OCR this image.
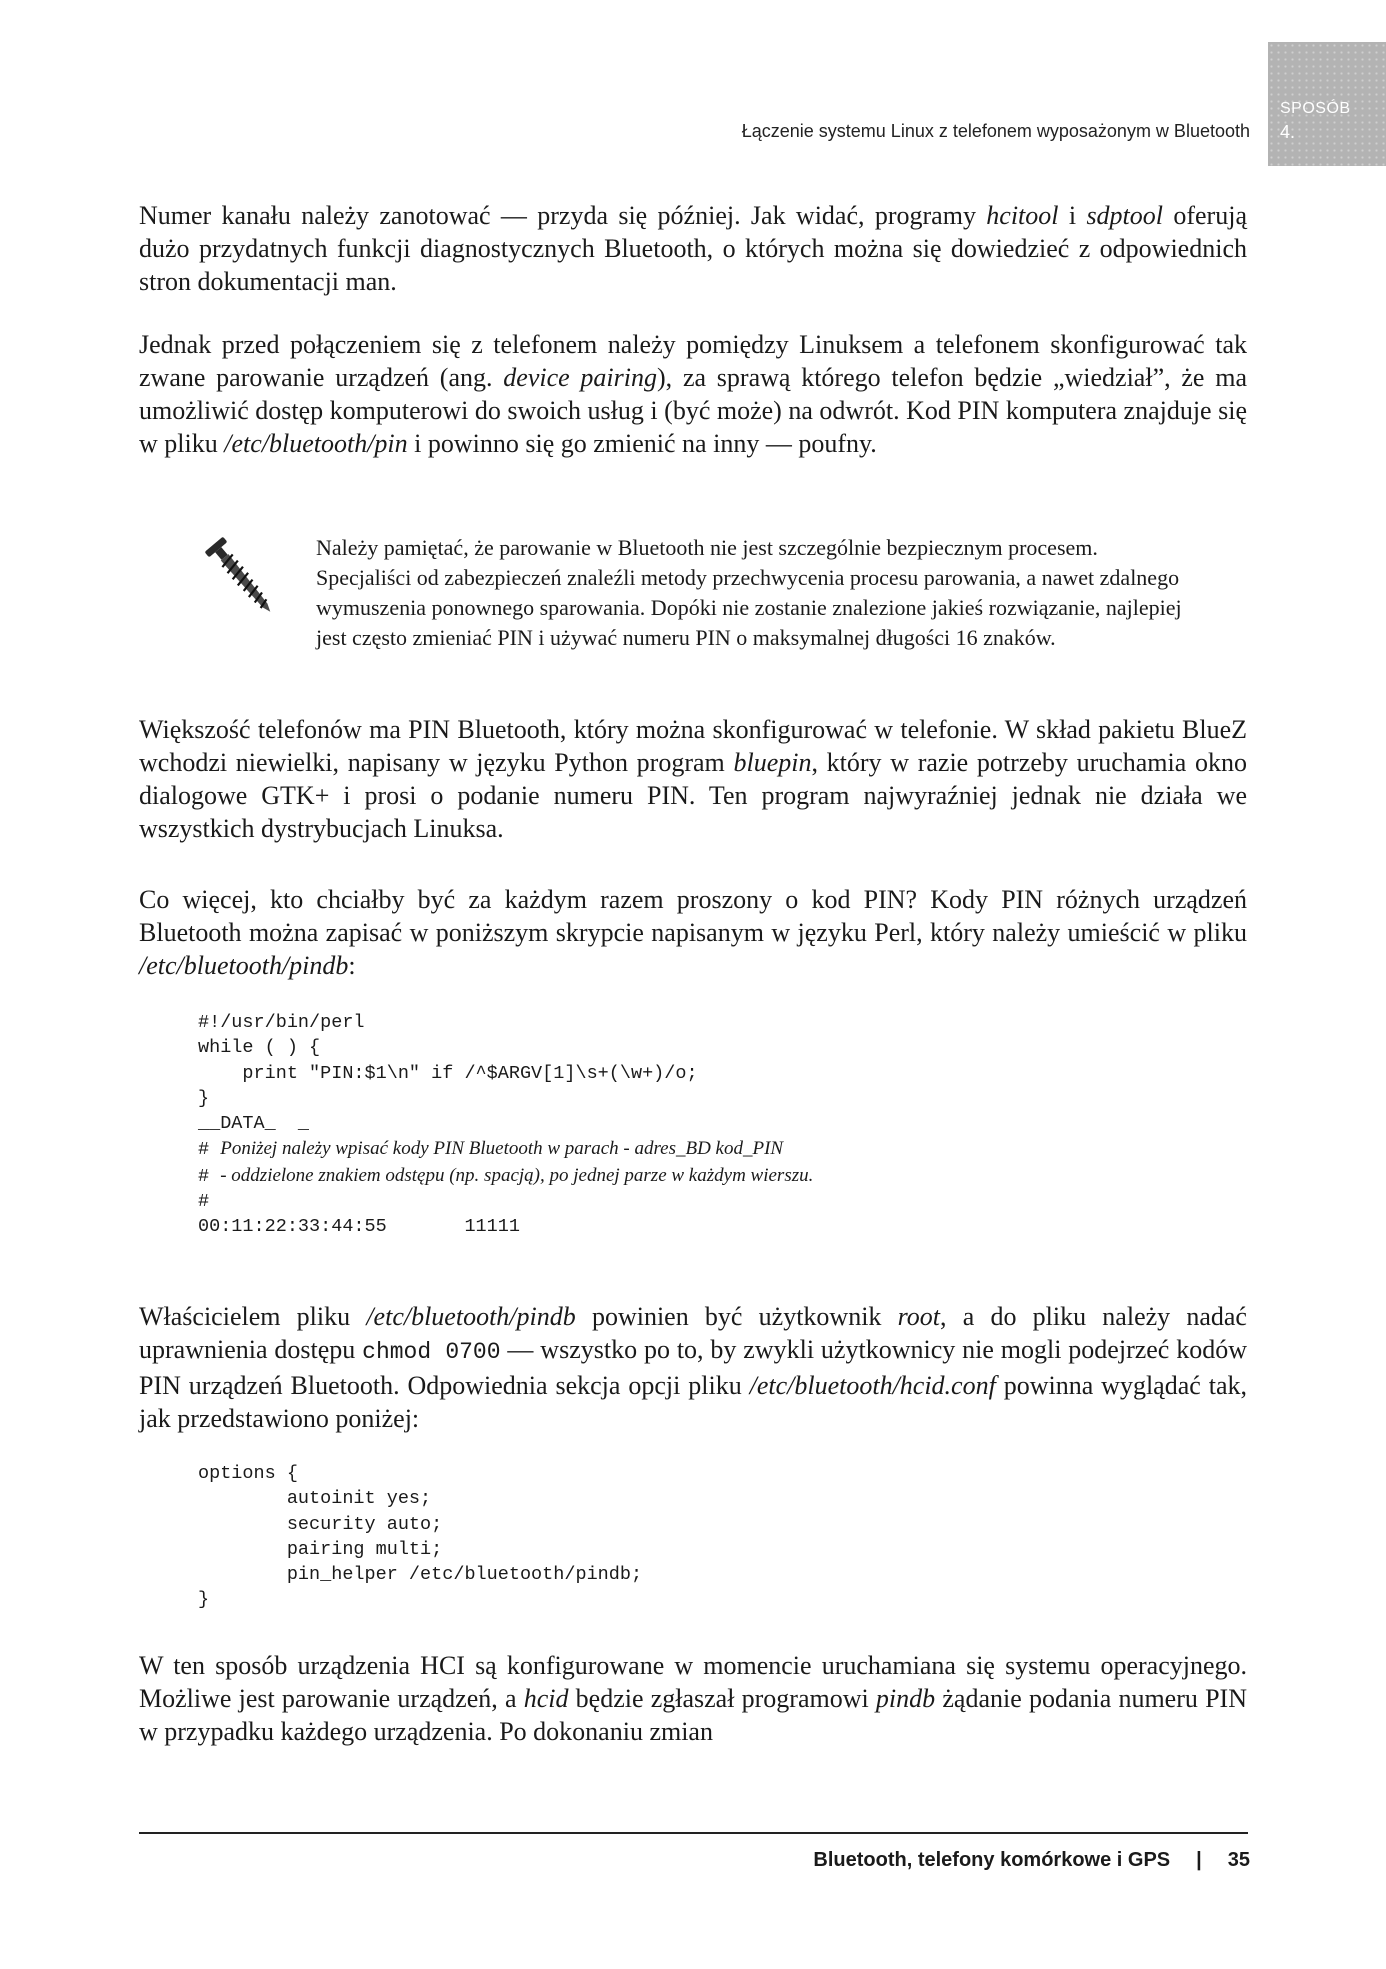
SPOSÓB
4.
Łączenie systemu Linux z telefonem wyposażonym w Bluetooth

Numer kanału należy zanotować — przyda się później. Jak widać, programy hcitool i sdptool oferują dużo przydatnych funkcji diagnostycznych Bluetooth, o których można się dowiedzieć z odpowiednich stron dokumentacji man.

Jednak przed połączeniem się z telefonem należy pomiędzy Linuksem a telefonem skonfigurować tak zwane parowanie urządzeń (ang. device pairing), za sprawą którego telefon będzie „wiedział”, że ma umożliwić dostęp komputerowi do swoich usług i (być może) na odwrót. Kod PIN komputera znajduje się w pliku /etc/bluetooth/pin i powinno się go zmienić na inny — poufny.

Należy pamiętać, że parowanie w Bluetooth nie jest szczególnie bezpiecznym procesem. Specjaliści od zabezpieczeń znaleźli metody przechwycenia procesu parowania, a nawet zdalnego wymuszenia ponownego sparowania. Dopóki nie zostanie znalezione jakieś rozwiązanie, najlepiej jest często zmieniać PIN i używać numeru PIN o maksymalnej długości 16 znaków.

Większość telefonów ma PIN Bluetooth, który można skonfigurować w telefonie. W skład pakietu BlueZ wchodzi niewielki, napisany w języku Python program bluepin, który w razie potrzeby uruchamia okno dialogowe GTK+ i prosi o podanie numeru PIN. Ten program najwyraźniej jednak nie działa we wszystkich dystrybucjach Linuksa.

Co więcej, kto chciałby być za każdym razem proszony o kod PIN? Kody PIN różnych urządzeń Bluetooth można zapisać w poniższym skrypcie napisanym w języku Perl, który należy umieścić w pliku /etc/bluetooth/pindb:

#!/usr/bin/perl
while ( ) {
print "PIN:$1\n" if /^$ARGV[1]\s+(\w+)/o;
}
__DATA_  _
# Poniżej należy wpisać kody PIN Bluetooth w parach - adres_BD kod_PIN
# - oddzielone znakiem odstępu (np. spacją), po jednej parze w każdym wierszu.
#
00:11:22:33:44:55       11111

Właścicielem pliku /etc/bluetooth/pindb powinien być użytkownik root, a do pliku należy nadać uprawnienia dostępu chmod 0700 — wszystko po to, by zwykli użytkownicy nie mogli podejrzeć kodów PIN urządzeń Bluetooth. Odpowiednia sekcja opcji pliku /etc/bluetooth/hcid.conf powinna wyglądać tak, jak przedstawiono poniżej:

options {
autoinit yes;
security auto;
pairing multi;
pin_helper /etc/bluetooth/pindb;
}

W ten sposób urządzenia HCI są konfigurowane w momencie uruchamiana się systemu operacyjnego. Możliwe jest parowanie urządzeń, a hcid będzie zgłaszał programowi pindb żądanie podania numeru PIN w przypadku każdego urządzenia. Po dokonaniu zmian

Bluetooth, telefony komórkowe i GPS | 35
